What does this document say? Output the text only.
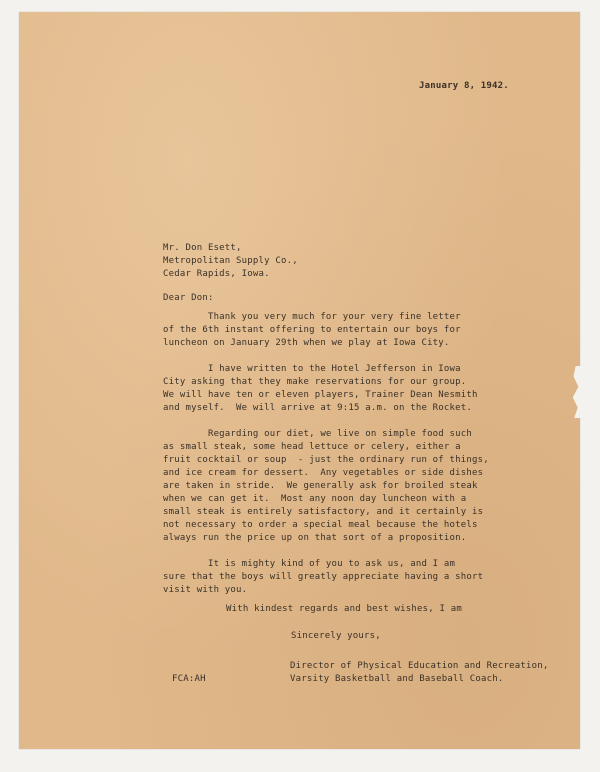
January 8, 1942.
Mr. Don Esett,
Metropolitan Supply Co.,
Cedar Rapids, Iowa.
Dear Don:
Thank you very much for your very fine letter
of the 6th instant offering to entertain our boys for
luncheon on January 29th when we play at Iowa City.
I have written to the Hotel Jefferson in Iowa
City asking that they make reservations for our group.
We will have ten or eleven players, Trainer Dean Nesmith
and myself.  We will arrive at 9:15 a.m. on the Rocket.
Regarding our diet, we live on simple food such
as small steak, some head lettuce or celery, either a
fruit cocktail or soup  - just the ordinary run of things,
and ice cream for dessert.  Any vegetables or side dishes
are taken in stride.  We generally ask for broiled steak
when we can get it.  Most any noon day luncheon with a
small steak is entirely satisfactory, and it certainly is
not necessary to order a special meal because the hotels
always run the price up on that sort of a proposition.
It is mighty kind of you to ask us, and I am
sure that the boys will greatly appreciate having a short
visit with you.
With kindest regards and best wishes, I am
Sincerely yours,
Director of Physical Education and Recreation,
Varsity Basketball and Baseball Coach.
FCA:AH
